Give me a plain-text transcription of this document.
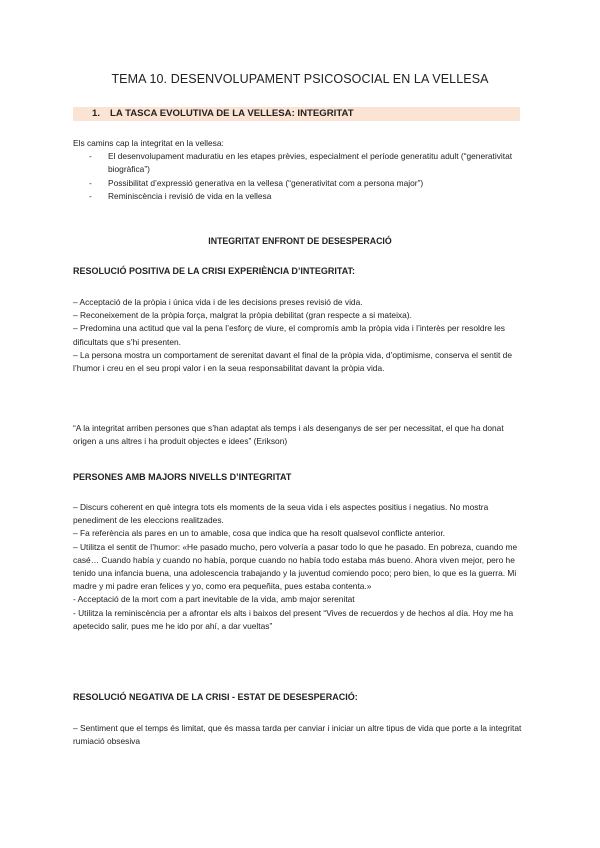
TEMA 10. DESENVOLUPAMENT PSICOSOCIAL EN LA VELLESA
1. LA TASCA EVOLUTIVA DE LA VELLESA: INTEGRITAT

Els camins cap la integritat en la vellesa:

- El desenvolupament maduratiu en les etapes prèvies, especialment el període generatitu adult (“generativitat biogràfica”)
- Possibilitat d’expressió generativa en la vellesa (“generativitat com a persona major”)
- Reminiscència i revisió de vida en la vellesa
INTEGRITAT ENFRONT DE DESESPERACIÓ
RESOLUCIÓ POSITIVA DE LA CRISI EXPERIÈNCIA D’INTEGRITAT:

– Acceptació de la pròpia i única vida i de les decisions preses revisió de vida.

– Reconeixement de la pròpia força, malgrat la pròpia debilitat (gran respecte a si mateixa).

– Predomina una actitud que val la pena l’esforç de viure, el compromís amb la pròpia vida i l’interès per resoldre les dificultats que s’hi presenten.

– La persona mostra un comportament de serenitat davant el final de la pròpia vida, d’optimisme, conserva el sentit de l’humor i creu en el seu propi valor i en la seua responsabilitat davant la pròpia vida.

“A la integritat arriben persones que s’han adaptat als temps i als desenganys de ser per necessitat, el que ha donat origen a uns altres i ha produit objectes e idees” (Erikson)

PERSONES AMB MAJORS NIVELLS D’INTEGRITAT

– Discurs coherent en què integra tots els moments de la seua vida i els aspectes positius i negatius. No mostra penediment de les eleccions realitzades.

– Fa referència als pares en un to amable, cosa que indica que ha resolt qualsevol conflicte anterior.

– Utilitza el sentit de l’humor: «He pasado mucho, pero volvería a pasar todo lo que he pasado. En pobreza, cuando me casé… Cuando había y cuando no había, porque cuando no había todo estaba más bueno. Ahora viven mejor, pero he tenido una infancia buena, una adolescencia trabajando y la juventud comiendo poco; pero bien, lo que es la guerra. Mi madre y mi padre eran felices y yo, como era pequeñita, pues estaba contenta.»

- Acceptació de la mort com a part inevitable de la vida, amb major serenitat

- Utilitza la reminiscència per a afrontar els alts i baixos del present “Vives de recuerdos y de hechos al día. Hoy me ha apetecido salir, pues me he ido por ahí, a dar vueltas”

RESOLUCIÓ NEGATIVA DE LA CRISI - ESTAT DE DESESPERACIÓ:

– Sentiment que el temps és limitat, que és massa tarda per canviar i iniciar un altre tipus de vida que porte a la integritat rumiació obsesiva
